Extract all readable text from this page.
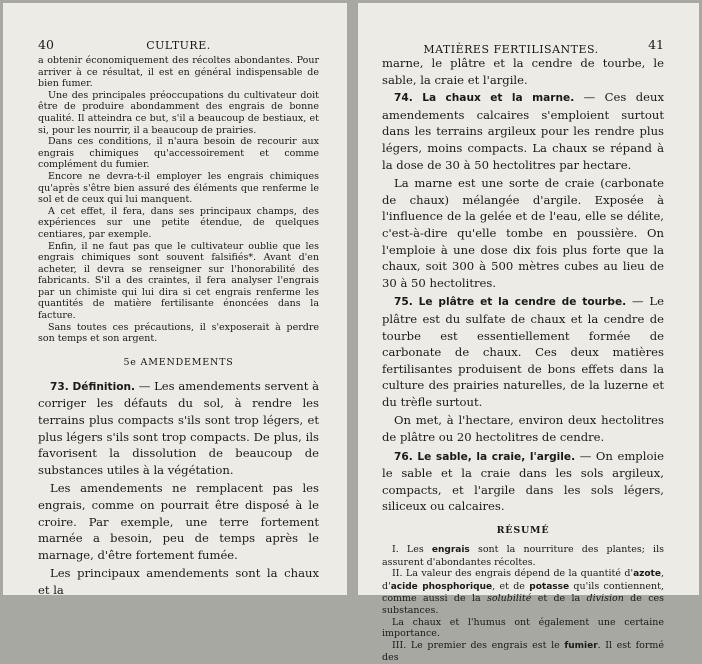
40	CULTURE.

a obtenir économiquement des récoltes abondantes. Pour arriver à ce résultat, il est en général indispensable de bien fumer.

Une des principales préoccupations du cultivateur doit être de produire abondamment des engrais de bonne qualité. Il atteindra ce but, s'il a beaucoup de bestiaux, et si, pour les nourrir, il a beaucoup de prairies.

Dans ces conditions, il n'aura besoin de recourir aux engrais chimiques qu'accessoirement et comme complément du fumier.

Encore ne devra-t-il employer les engrais chimiques qu'après s'être bien assuré des éléments que renferme le sol et de ceux qui lui manquent.

A cet effet, il fera, dans ses principaux champs, des expériences sur une petite étendue, de quelques centiares, par exemple.

Enfin, il ne faut pas que le cultivateur oublie que les engrais chimiques sont souvent falsifiés*. Avant d'en acheter, il devra se renseigner sur l'honorabilité des fabricants. S'il a des craintes, il fera analyser l'engrais par un chimiste qui lui dira si cet engrais renferme les quantités de matière fertilisante énoncées dans la facture.

Sans toutes ces précautions, il s'exposerait à perdre son temps et son argent.

5e AMENDEMENTS

73. Définition. — Les amendements servent à corriger les défauts du sol, à rendre les terrains plus compacts s'ils sont trop légers, et plus légers s'ils sont trop compacts. De plus, ils favorisent la dissolution de beaucoup de substances utiles à la végétation.

Les amendements ne remplacent pas les engrais, comme on pourrait être disposé à le croire. Par exemple, une terre fortement marnée a besoin, peu de temps après le marnage, d'être fortement fumée.

Les principaux amendements sont la chaux et la

MATIÈRES FERTILISANTES.	41

marne, le plâtre et la cendre de tourbe, le sable, la craie et l'argile.

74. La chaux et la marne. — Ces deux amendements calcaires s'emploient surtout dans les terrains argileux pour les rendre plus légers, moins compacts. La chaux se répand à la dose de 30 à 50 hectolitres par hectare.

La marne est une sorte de craie (carbonate de chaux) mélangée d'argile. Exposée à l'influence de la gelée et de l'eau, elle se délite, c'est-à-dire qu'elle tombe en poussière. On l'emploie à une dose dix fois plus forte que la chaux, soit 300 à 500 mètres cubes au lieu de 30 à 50 hectolitres.

75. Le plâtre et la cendre de tourbe. — Le plâtre est du sulfate de chaux et la cendre de tourbe est essentiellement formée de carbonate de chaux. Ces deux matières fertilisantes produisent de bons effets dans la culture des prairies naturelles, de la luzerne et du trèfle surtout.

On met, à l'hectare, environ deux hectolitres de plâtre ou 20 hectolitres de cendre.

76. Le sable, la craie, l'argile. — On emploie le sable et la craie dans les sols argileux, compacts, et l'argile dans les sols légers, siliceux ou calcaires.

RÉSUMÉ

I. Les engrais sont la nourriture des plantes; ils assurent d'abondantes récoltes.

II. La valeur des engrais dépend de la quantité d'azote, d'acide phosphorique, et de potasse qu'ils contiennent, comme aussi de la solubilité et de la division de ces substances.

La chaux et l'humus ont également une certaine importance.

III. Le premier des engrais est le fumier. Il est formé des
